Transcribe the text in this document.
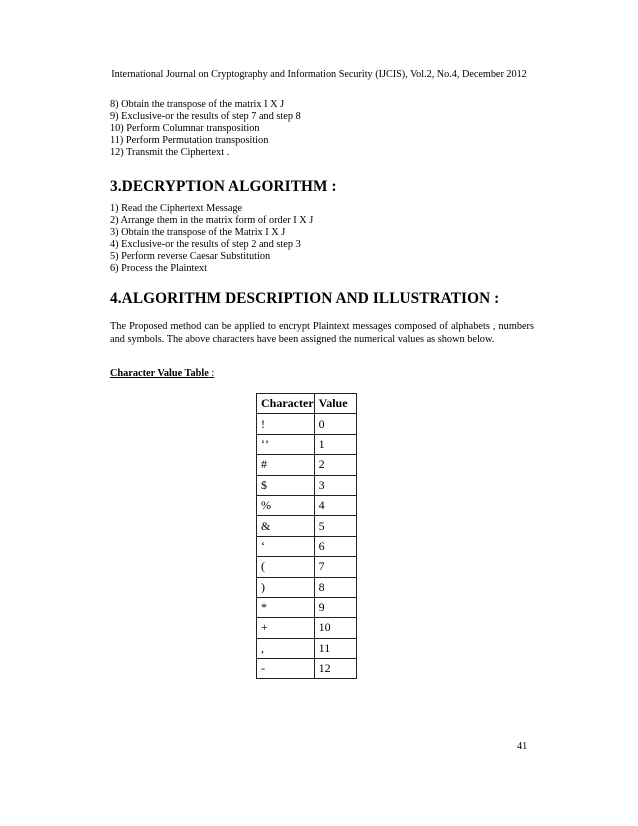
International Journal on Cryptography and Information Security (IJCIS), Vol.2, No.4, December 2012
8) Obtain the transpose of the matrix I X J
9) Exclusive-or the results of step 7 and step 8
10) Perform Columnar transposition
11) Perform Permutation transposition
12) Transmit the Ciphertext .
3.DECRYPTION ALGORITHM :
1) Read the Ciphertext Message
2) Arrange them in the matrix form of order I X J
3) Obtain the transpose of the Matrix I X J
4) Exclusive-or the results of step 2 and step 3
5) Perform reverse Caesar Substitution
6) Process the Plaintext
4.ALGORITHM DESCRIPTION AND ILLUSTRATION :
The Proposed method can be applied to encrypt Plaintext messages composed of alphabets , numbers and symbols. The above characters have been assigned the numerical values as shown below.
Character Value Table :
Character	Value
!	0
‘’	1
#	2
$	3
%	4
&	5
‘	6
(	7
)	8
*	9
+	10
,	11
-	12
41
